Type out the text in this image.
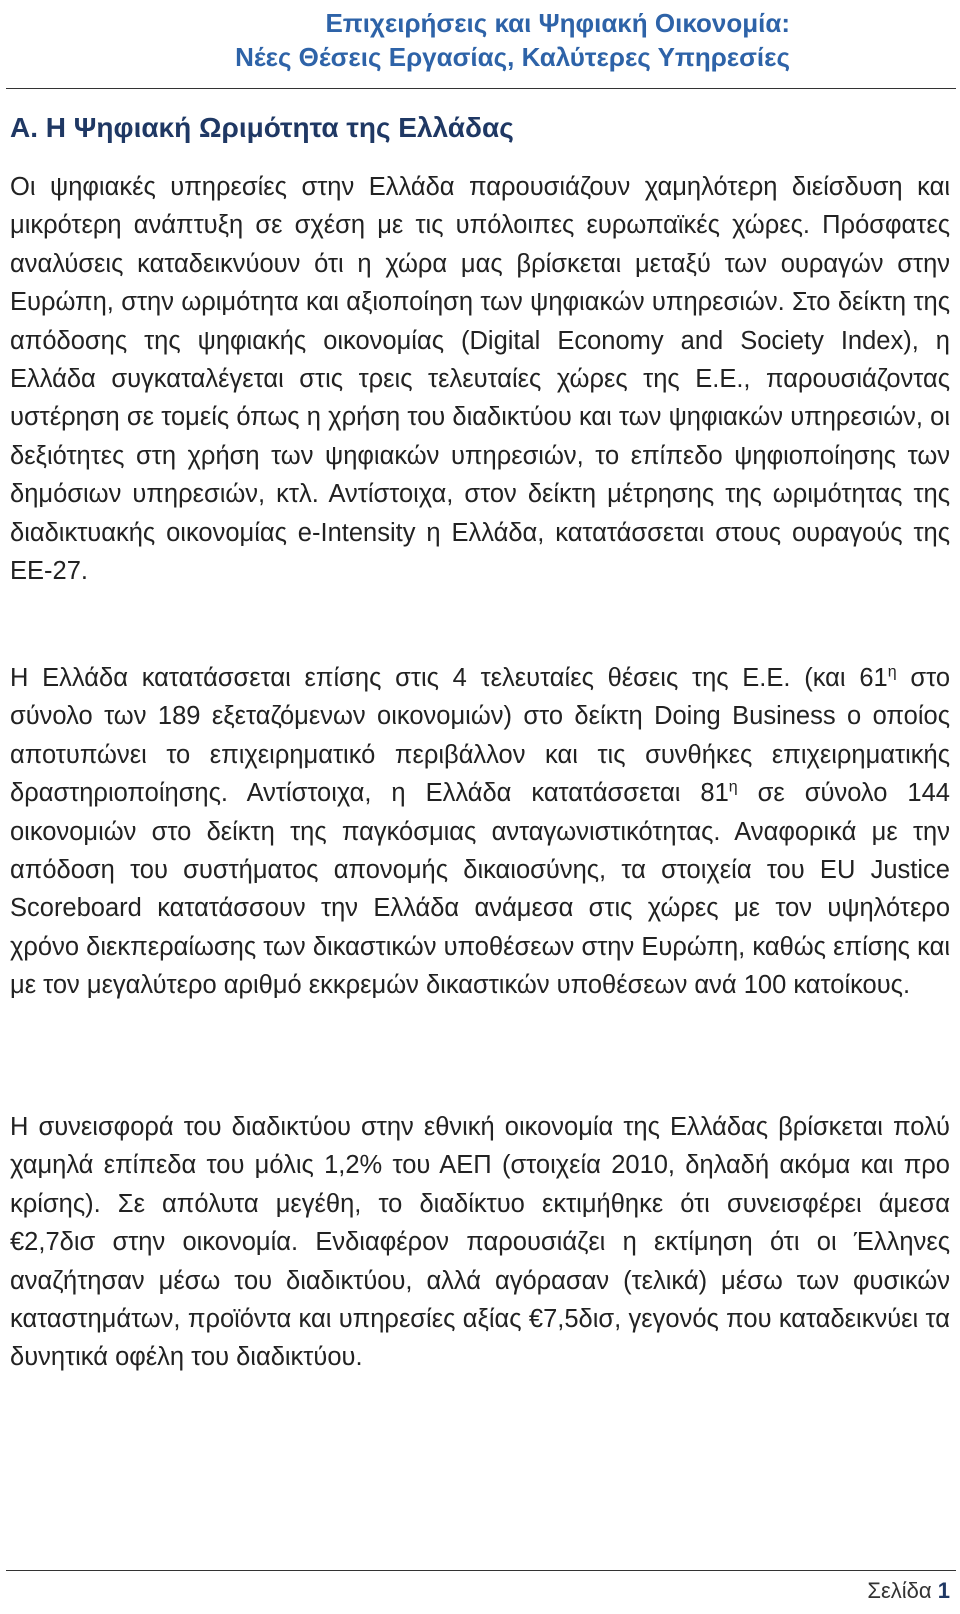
Επιχειρήσεις και Ψηφιακή Οικονομία:
Νέες Θέσεις Εργασίας, Καλύτερες Υπηρεσίες
Α. Η Ψηφιακή Ωριμότητα της Ελλάδας
Οι ψηφιακές υπηρεσίες στην Ελλάδα παρουσιάζουν χαμηλότερη διείσδυση και μικρότερη ανάπτυξη σε σχέση με τις υπόλοιπες ευρωπαϊκές χώρες. Πρόσφατες αναλύσεις καταδεικνύουν ότι η χώρα μας βρίσκεται μεταξύ των ουραγών στην Ευρώπη, στην ωριμότητα και αξιοποίηση των ψηφιακών υπηρεσιών. Στο δείκτη της απόδοσης της ψηφιακής οικονομίας (Digital Economy and Society Index), η Ελλάδα συγκαταλέγεται στις τρεις τελευταίες χώρες της Ε.Ε., παρουσιάζοντας υστέρηση σε τομείς όπως η χρήση του διαδικτύου και των ψηφιακών υπηρεσιών, οι δεξιότητες στη χρήση των ψηφιακών υπηρεσιών, το επίπεδο ψηφιοποίησης των δημόσιων υπηρεσιών, κτλ. Αντίστοιχα, στον δείκτη μέτρησης της ωριμότητας της διαδικτυακής οικονομίας e-Intensity η Ελλάδα, κατατάσσεται στους ουραγούς της ΕΕ-27.
Η Ελλάδα κατατάσσεται επίσης στις 4 τελευταίες θέσεις της Ε.Ε. (και $61^\eta$ στο σύνολο των 189 εξεταζόμενων οικονομιών) στο δείκτη Doing Business ο οποίος αποτυπώνει το επιχειρηματικό περιβάλλον και τις συνθήκες επιχειρηματικής δραστηριοποίησης. Αντίστοιχα, η Ελλάδα κατατάσσεται $81^\eta$ σε σύνολο 144 οικονομιών στο δείκτη της παγκόσμιας ανταγωνιστικότητας. Αναφορικά με την απόδοση του συστήματος απονομής δικαιοσύνης, τα στοιχεία του EU Justice Scoreboard κατατάσσουν την Ελλάδα ανάμεσα στις χώρες με τον υψηλότερο χρόνο διεκπεραίωσης των δικαστικών υποθέσεων στην Ευρώπη, καθώς επίσης και με τον μεγαλύτερο αριθμό εκκρεμών δικαστικών υποθέσεων ανά 100 κατοίκους.
Η συνεισφορά του διαδικτύου στην εθνική οικονομία της Ελλάδας βρίσκεται πολύ χαμηλά επίπεδα του μόλις 1,2% του ΑΕΠ (στοιχεία 2010, δηλαδή ακόμα και προ κρίσης). Σε απόλυτα μεγέθη, το διαδίκτυο εκτιμήθηκε ότι συνεισφέρει άμεσα €2,7δισ στην οικονομία. Ενδιαφέρον παρουσιάζει η εκτίμηση ότι οι Έλληνες αναζήτησαν μέσω του διαδικτύου, αλλά αγόρασαν (τελικά) μέσω των φυσικών καταστημάτων, προϊόντα και υπηρεσίες αξίας €7,5δισ, γεγονός που καταδεικνύει τα δυνητικά οφέλη του διαδικτύου.
Σελίδα 1
